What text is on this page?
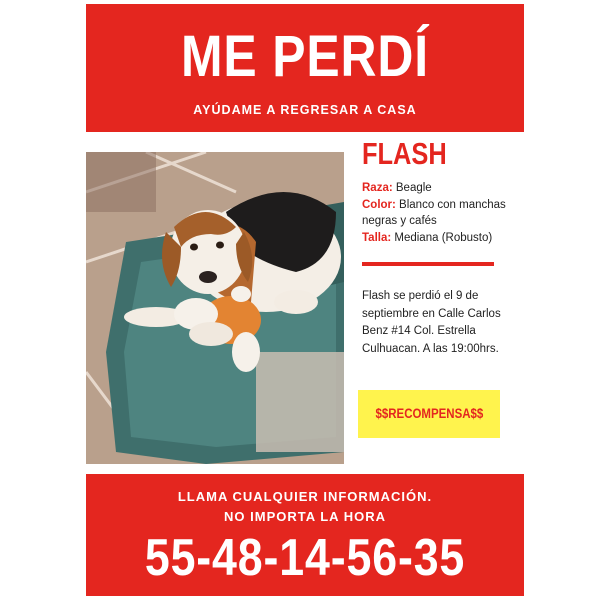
ME PERDÍ
AYÚDAME A REGRESAR A CASA
FLASH
Raza: Beagle
Color: Blanco con manchas negras y cafés
Talla: Mediana (Robusto)
Flash se perdió el 9 de septiembre en Calle Carlos Benz #14 Col. Estrella Culhuacan. A las 19:00hrs.
$$RECOMPENSA$$
LLAMA CUALQUIER INFORMACIÓN.
NO IMPORTA LA HORA
55-48-14-56-35
